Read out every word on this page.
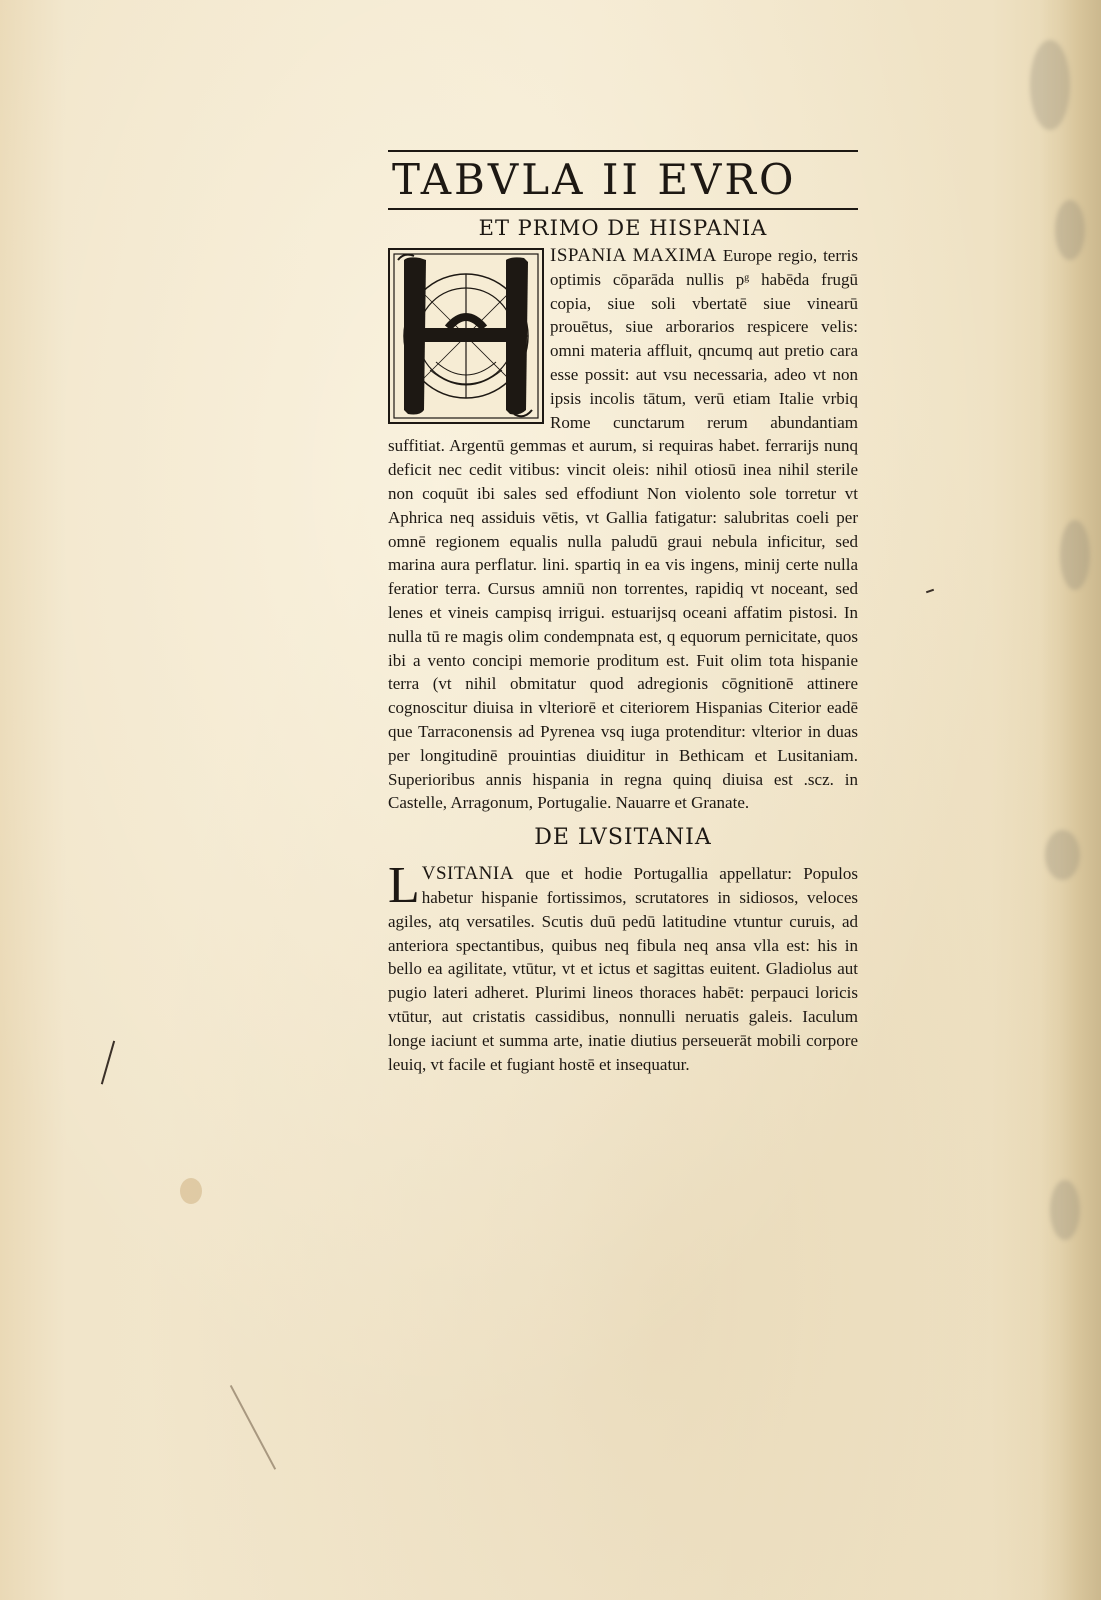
TABVLA II EVRO
ET PRIMO DE HISPANIA

ISPANIA MAXIMA Europe regio, terris optimis cōparāda nullis pᵍ habēda frugū copia, siue soli vbertatē siue vinearū prouētus, siue arborarios respicere velis: omni materia affluit, qncumq aut pretio cara esse possit: aut vsu necessaria, adeo vt non ipsis incolis tātum, verū etiam Italie vrbiq Rome cunctarum rerum abundantiam suffitiat. Argentū gemmas et aurum, si requiras habet. ferrarijs nunq deficit nec cedit vitibus: vincit oleis: nihil otiosū inea nihil sterile non coquūt ibi sales sed effodiunt Non violento sole torretur vt Aphrica neq assiduis vētis, vt Gallia fatigatur: salubritas coeli per omnē regionem equalis nulla paludū graui nebula inficitur, sed marina aura perflatur. lini. spartiq in ea vis ingens, minij certe nulla feratior terra. Cursus amniū non torrentes, rapidiq vt noceant, sed lenes et vineis campisq irrigui. estuarijsq oceani affatim pistosi. In nulla tū re magis olim condempnata est, q equorum pernicitate, quos ibi a vento concipi memorie proditum est. Fuit olim tota hispanie terra (vt nihil obmitatur quod adregionis cōgnitionē attinere cognoscitur diuisa in vlteriorē et citeriorem Hispanias Citerior eadē que Tarraconensis ad Pyrenea vsq iuga protenditur: vlterior in duas per longitudinē prouintias diuiditur in Bethicam et Lusitaniam. Superioribus annis hispania in regna quinq diuisa est .scz. in Castelle, Arragonum, Portugalie. Nauarre et Granate.

DE LVSITANIA

L VSITANIA que et hodie Portugallia appellatur: Populos habetur hispanie fortissimos, scrutatores in sidiosos, veloces agiles, atq versatiles. Scutis duū pedū latitudine vtuntur curuis, ad anteriora spectantibus, quibus neq fibula neq ansa vlla est: his in bello ea agilitate, vtūtur, vt et ictus et sagittas euitent. Gladiolus aut pugio lateri adheret. Plurimi lineos thoraces habēt: perpauci loricis vtūtur, aut cristatis cassidibus, nonnulli neruatis galeis. Iaculum longe iaciunt et summa arte, inatie diutius perseuerāt mobili corpore leuiq, vt facile et fugiant hostē et insequatur.
